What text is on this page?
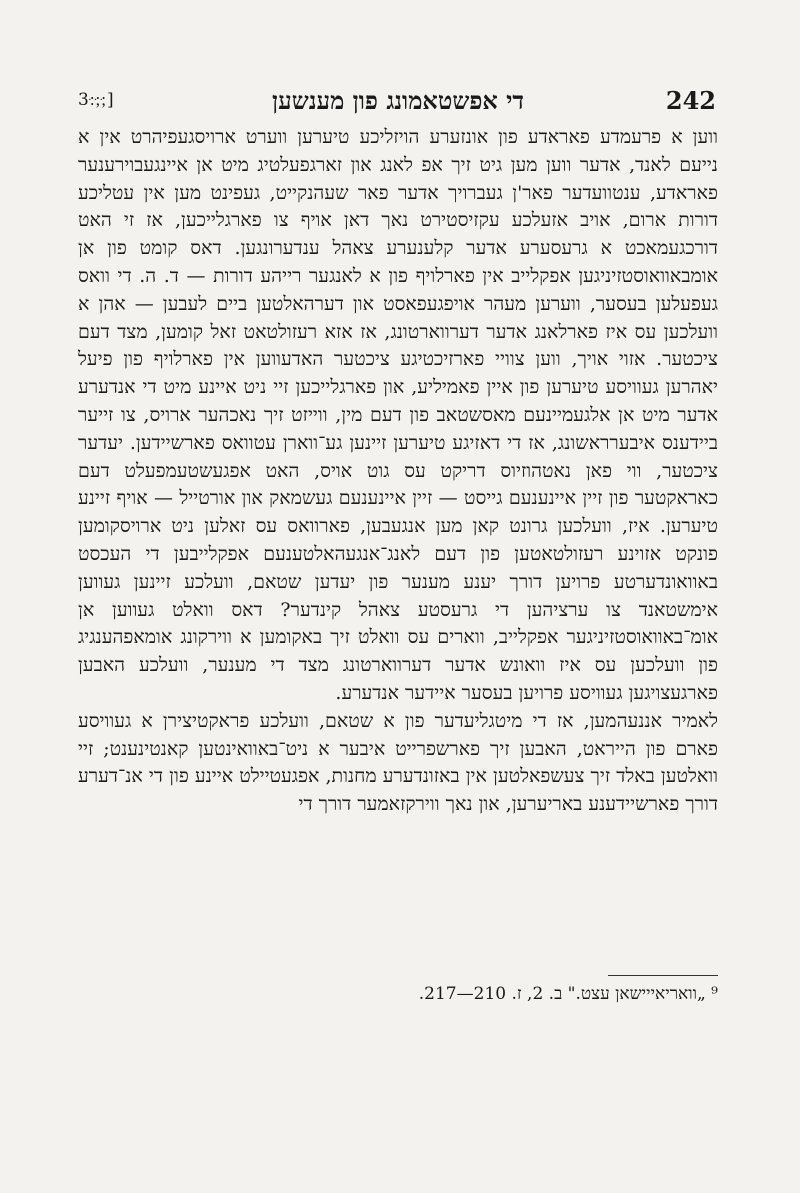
3:ּ;ּ;ּ]	די אפשטאמונג פון מענשען	242

ווען א פרעמדע פאראדע פון אונזערע הויזליכע טיערען ווערט ארויסגעפיהרט אין א נייעם לאנד, אדער ווען מען גיט זיך אפ לאנג און זארגפעלטיג מיט אן איינגעבוירענער פאראדע, ענטוועדער פאר'ן געברויך אדער פאר שעהנקייט, געפינט מען אין עטליכע דורות ארום, אויב אזעלכע עקזיסטירט נאך דאן אויף צו פארגלייכען, אז זי האט דורכגעמאכט א גרעסערע אדער קלענערע צאהל ענדערונגען. דאס קומט פון אן אומבאוואוסטזיניגען אפקלייב אין פארלויף פון א לאנגער רייהע דורות — ד. ה. די וואס געפעלען בעסער, ווערען מעהר אויפגעפאסט און דערהאלטען ביים לעבען — אהן א וועלכען עס איז פארלאנג אדער דערווארטונג, אז אזא רעזולטאט זאל קומען, מצד דעם ציכטער. אזוי אויך, ווען צוויי פארזיכטיגע ציכטער האדעווען אין פארלויף פון פיעל יאהרען געוויסע טיערען פון איין פאמיליע, און פארגלייכען זיי ניט איינע מיט די אנדערע אדער מיט אן אלגעמיינעם מאסשטאב פון דעם מין, ווייזט זיך נאכהער ארויס, צו זייער ביידענס איבערראשונג, אז די דאזיגע טיערען זיינען גע־ווארן עטוואס פארשיידען. יעדער ציכטער, ווי פאן נאטהוזיוס דריקט עס גוט אויס, האט אפגעשטעמפעלט דעם כאראקטער פון זיין איינענעם גייסט — זיין איינענעם געשמאק און אורטייל — אויף זיינע טיערען. איז, וועלכען גרונט קאן מען אנגעבען, פארוואס עס זאלען ניט ארויסקומען פונקט אזוינע רעזולטאטען פון דעם לאנג־אנגעהאלטענעם אפקלייבען די העכסט באוואונדערטע פרויען דורך יענע מענער פון יעדען שטאם, וועלכע זיינען געווען אימשטאנד צו ערציהען די גרעסטע צאהל קינדער? דאס וואלט געווען אן אומ־באוואוסטזיניגער אפקלייב, ווארים עס וואלט זיך באקומען א ווירקונג אומאפהענגיג פון וועלכען עס איז וואונש אדער דערווארטונג מצד די מענער, וועלכע האבען פארגעצויגען געוויסע פרויען בעסער איידער אנדערע.

לאמיר אננעהמען, אז די מיטגליעדער פון א שטאם, וועלכע פראקטיצירן א געוויסע פארם פון הייראט, האבען זיך פארשפרייט איבער א ניט־באוואינטען קאנטינענט; זיי וואלטען באלד זיך צעשפאלטען אין באזונדערע מחנות, אפגעטיילט איינע פון די אנ־דערע דורך פארשיידענע באריערען, און נאך ווירקזאמער דורך די

⁹ „וואריאייישאן עצט." ב. 2, ז. 210—217.
